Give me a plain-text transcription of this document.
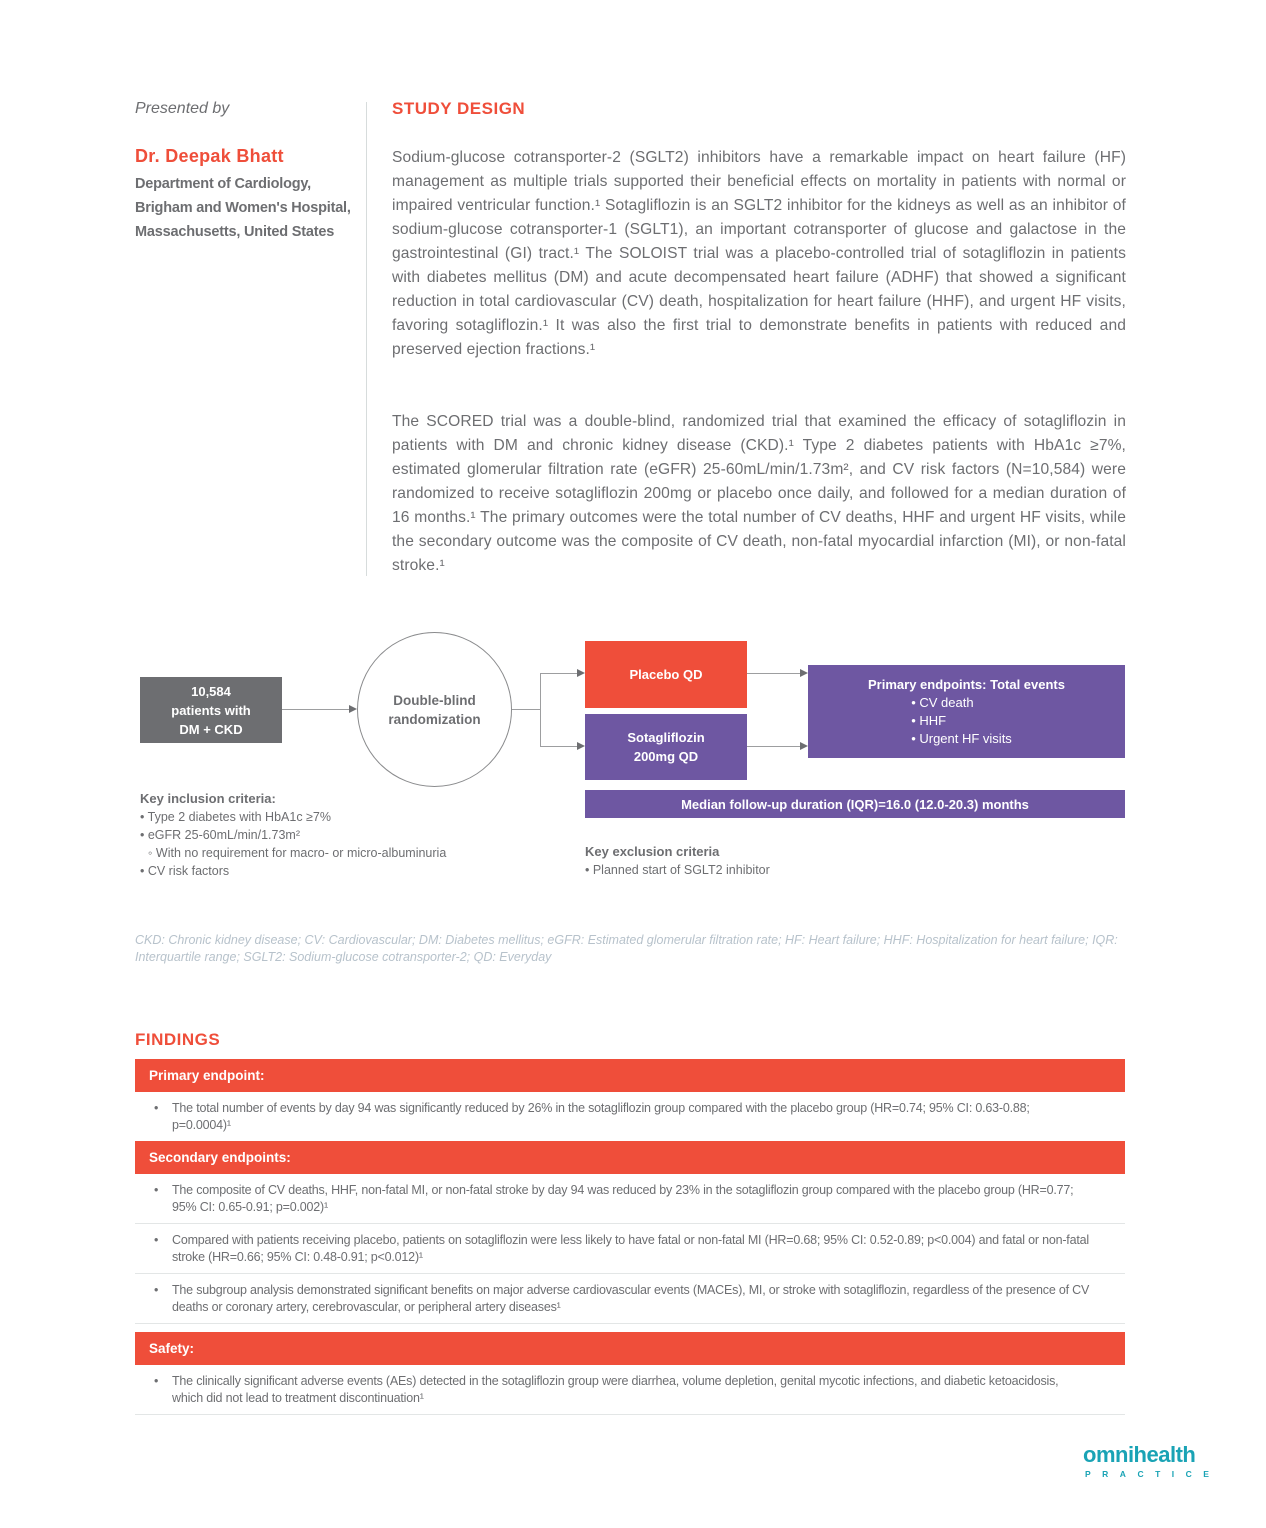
Presented by
Dr. Deepak Bhatt
Department of Cardiology,
Brigham and Women's Hospital,
Massachusetts, United States
STUDY DESIGN

Sodium-glucose cotransporter-2 (SGLT2) inhibitors have a remarkable impact on heart failure (HF) management as multiple trials supported their beneficial effects on mortality in patients with normal or impaired ventricular function.¹ Sotagliflozin is an SGLT2 inhibitor for the kidneys as well as an inhibitor of sodium-glucose cotransporter-1 (SGLT1), an important cotransporter of glucose and galactose in the gastrointestinal (GI) tract.¹ The SOLOIST trial was a placebo-controlled trial of sotagliflozin in patients with diabetes mellitus (DM) and acute decompensated heart failure (ADHF) that showed a significant reduction in total cardiovascular (CV) death, hospitalization for heart failure (HHF), and urgent HF visits, favoring sotagliflozin.¹ It was also the first trial to demonstrate benefits in patients with reduced and preserved ejection fractions.¹

The SCORED trial was a double-blind, randomized trial that examined the efficacy of sotagliflozin in patients with DM and chronic kidney disease (CKD).¹ Type 2 diabetes patients with HbA1c ≥7%, estimated glomerular filtration rate (eGFR) 25-60mL/min/1.73m², and CV risk factors (N=10,584) were randomized to receive sotagliflozin 200mg or placebo once daily, and followed for a median duration of 16 months.¹ The primary outcomes were the total number of CV deaths, HHF and urgent HF visits, while the secondary outcome was the composite of CV death, non-fatal myocardial infarction (MI), or non-fatal stroke.¹

10,584
patients with
DM + CKD
Double-blind
randomization
Placebo QD
Sotagliflozin
200mg QD
Primary endpoints: Total events
• CV death
• HHF
• Urgent HF visits
Median follow-up duration (IQR)=16.0 (12.0-20.3) months
Key inclusion criteria:
• Type 2 diabetes with HbA1c ≥7%
• eGFR 25-60mL/min/1.73m²
◦ With no requirement for macro- or micro-albuminuria
• CV risk factors
Key exclusion criteria
• Planned start of SGLT2 inhibitor

CKD: Chronic kidney disease; CV: Cardiovascular; DM: Diabetes mellitus; eGFR: Estimated glomerular filtration rate; HF: Heart failure; HHF: Hospitalization for heart failure; IQR: Interquartile range; SGLT2: Sodium-glucose cotransporter-2; QD: Everyday

FINDINGS
Primary endpoint:
• The total number of events by day 94 was significantly reduced by 26% in the sotagliflozin group compared with the placebo group (HR=0.74; 95% CI: 0.63-0.88; p=0.0004)¹
Secondary endpoints:
• The composite of CV deaths, HHF, non-fatal MI, or non-fatal stroke by day 94 was reduced by 23% in the sotagliflozin group compared with the placebo group (HR=0.77; 95% CI: 0.65-0.91; p=0.002)¹
• Compared with patients receiving placebo, patients on sotagliflozin were less likely to have fatal or non-fatal MI (HR=0.68; 95% CI: 0.52-0.89; p<0.004) and fatal or non-fatal stroke (HR=0.66; 95% CI: 0.48-0.91; p<0.012)¹
• The subgroup analysis demonstrated significant benefits on major adverse cardiovascular events (MACEs), MI, or stroke with sotagliflozin, regardless of the presence of CV deaths or coronary artery, cerebrovascular, or peripheral artery diseases¹
Safety:
• The clinically significant adverse events (AEs) detected in the sotagliflozin group were diarrhea, volume depletion, genital mycotic infections, and diabetic ketoacidosis, which did not lead to treatment discontinuation¹
omnihealth
PRACTICE
